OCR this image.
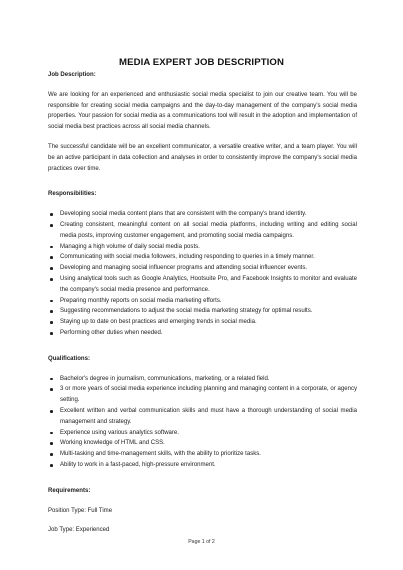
MEDIA EXPERT JOB DESCRIPTION

Job Description:

We are looking for an experienced and enthusiastic social media specialist to join our creative team. You will be responsible for creating social media campaigns and the day-to-day management of the company's social media properties. Your passion for social media as a communications tool will result in the adoption and implementation of social media best practices across all social media channels.

The successful candidate will be an excellent communicator, a versatile creative writer, and a team player. You will be an active participant in data collection and analyses in order to consistently improve the company's social media practices over time.

Responsibilities:

Developing social media content plans that are consistent with the company's brand identity.
Creating consistent, meaningful content on all social media platforms, including writing and editing social media posts, improving customer engagement, and promoting social media campaigns.
Managing a high volume of daily social media posts.
Communicating with social media followers, including responding to queries in a timely manner.
Developing and managing social influencer programs and attending social influencer events.
Using analytical tools such as Google Analytics, Hootsuite Pro, and Facebook Insights to monitor and evaluate the company's social media presence and performance.
Preparing monthly reports on social media marketing efforts.
Suggesting recommendations to adjust the social media marketing strategy for optimal results.
Staying up to date on best practices and emerging trends in social media.
Performing other duties when needed.

Qualifications:

Bachelor's degree in journalism, communications, marketing, or a related field.
3 or more years of social media experience including planning and managing content in a corporate, or agency setting.
Excellent written and verbal communication skills and must have a thorough understanding of social media management and strategy.
Experience using various analytics software.
Working knowledge of HTML and CSS.
Multi-tasking and time-management skills, with the ability to prioritize tasks.
Ability to work in a fast-paced, high-pressure environment.

Requirements:

Position Type: Full Time

Job Type: Experienced

Page 1 of 2
